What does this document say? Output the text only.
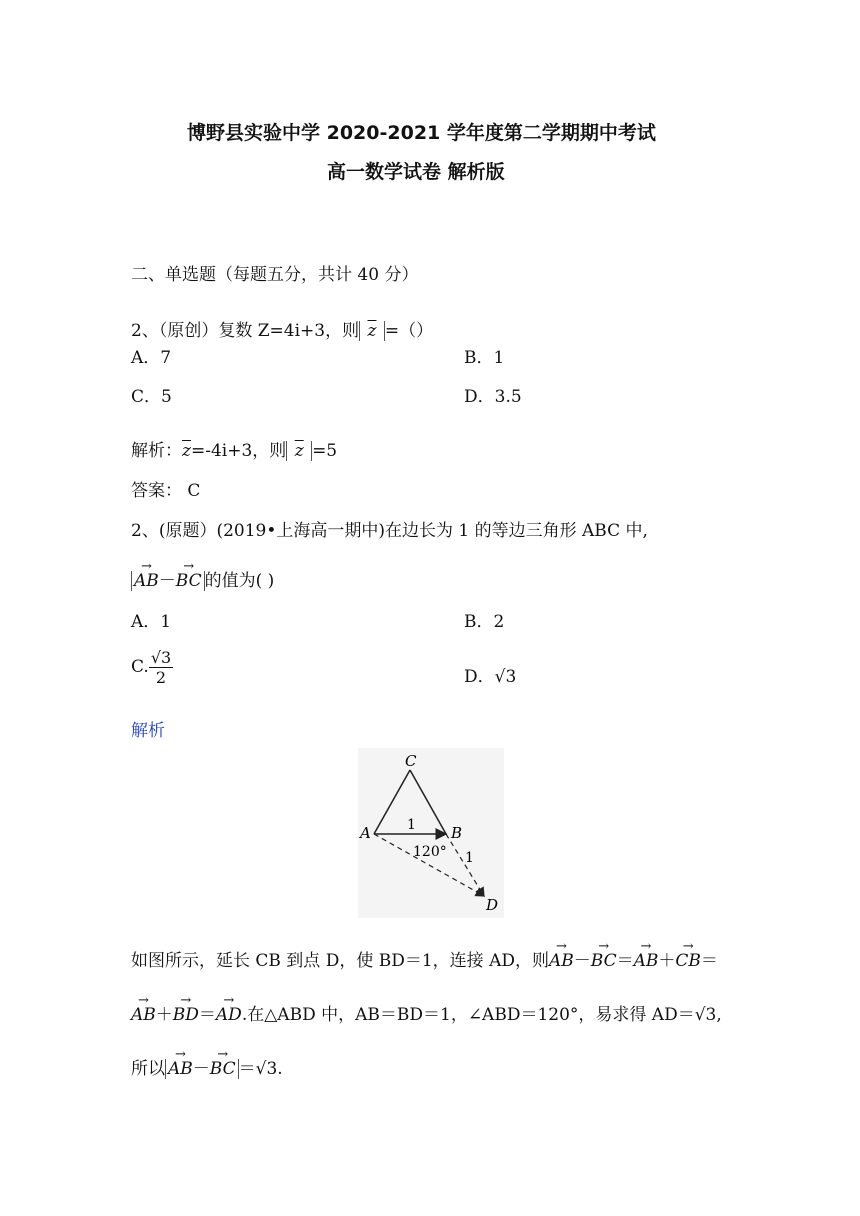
博野县实验中学 2020-2021 学年度第二学期期中考试
高一数学试卷 解析版
二、单选题（每题五分，共计 40 分）
2、（原创）复数 Z=4i+3，则 $\overline{z}$ =（）
A．7	B．1
C．5	D．3.5
解析：$\overline{z}=-4i+3$，则 $\overline{z} =5$
答案： C
2、(原题）(2019•上海高一期中)在边长为 1 的等边三角形 ABC 中,
→ AB－→ BC 的值为( )
A．1	B．2
C. $\frac{√3}{2}$	D．√3
解析
C
A	B
D
1
1
120°
如图所示，延长 CB 到点 D，使 BD＝1，连接 AD，则→ AB－→ BC＝→ AB＋→ CB＝
→ AB＋→ BD＝→ AD.在△ABD 中，AB＝BD＝1，∠ABD＝120°，易求得 AD＝√3,
所以 → AB－→ BC ＝√3.
